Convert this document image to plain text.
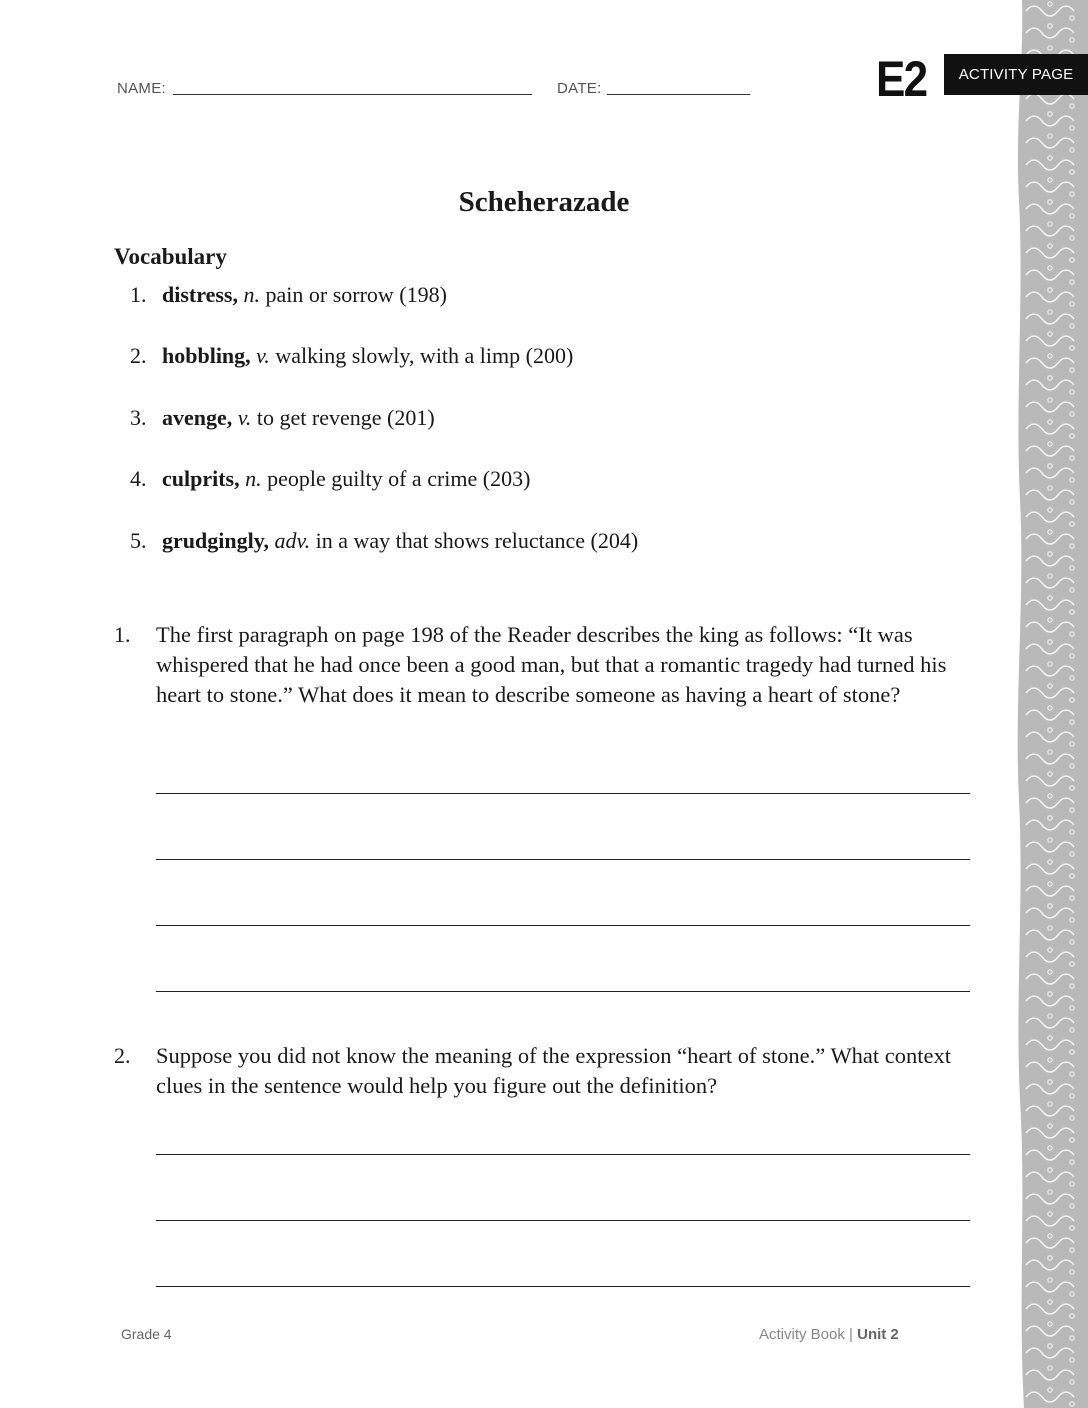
NAME:	DATE:	E2	ACTIVITY PAGE
Scheherazade
Vocabulary
1. distress, n. pain or sorrow (198)
2. hobbling, v. walking slowly, with a limp (200)
3. avenge, v. to get revenge (201)
4. culprits, n. people guilty of a crime (203)
5. grudgingly, adv. in a way that shows reluctance (204)
1. The first paragraph on page 198 of the Reader describes the king as follows: “It was whispered that he had once been a good man, but that a romantic tragedy had turned his heart to stone.” What does it mean to describe someone as having a heart of stone?
2. Suppose you did not know the meaning of the expression “heart of stone.” What context clues in the sentence would help you figure out the definition?
Grade 4	Activity Book | Unit 2
